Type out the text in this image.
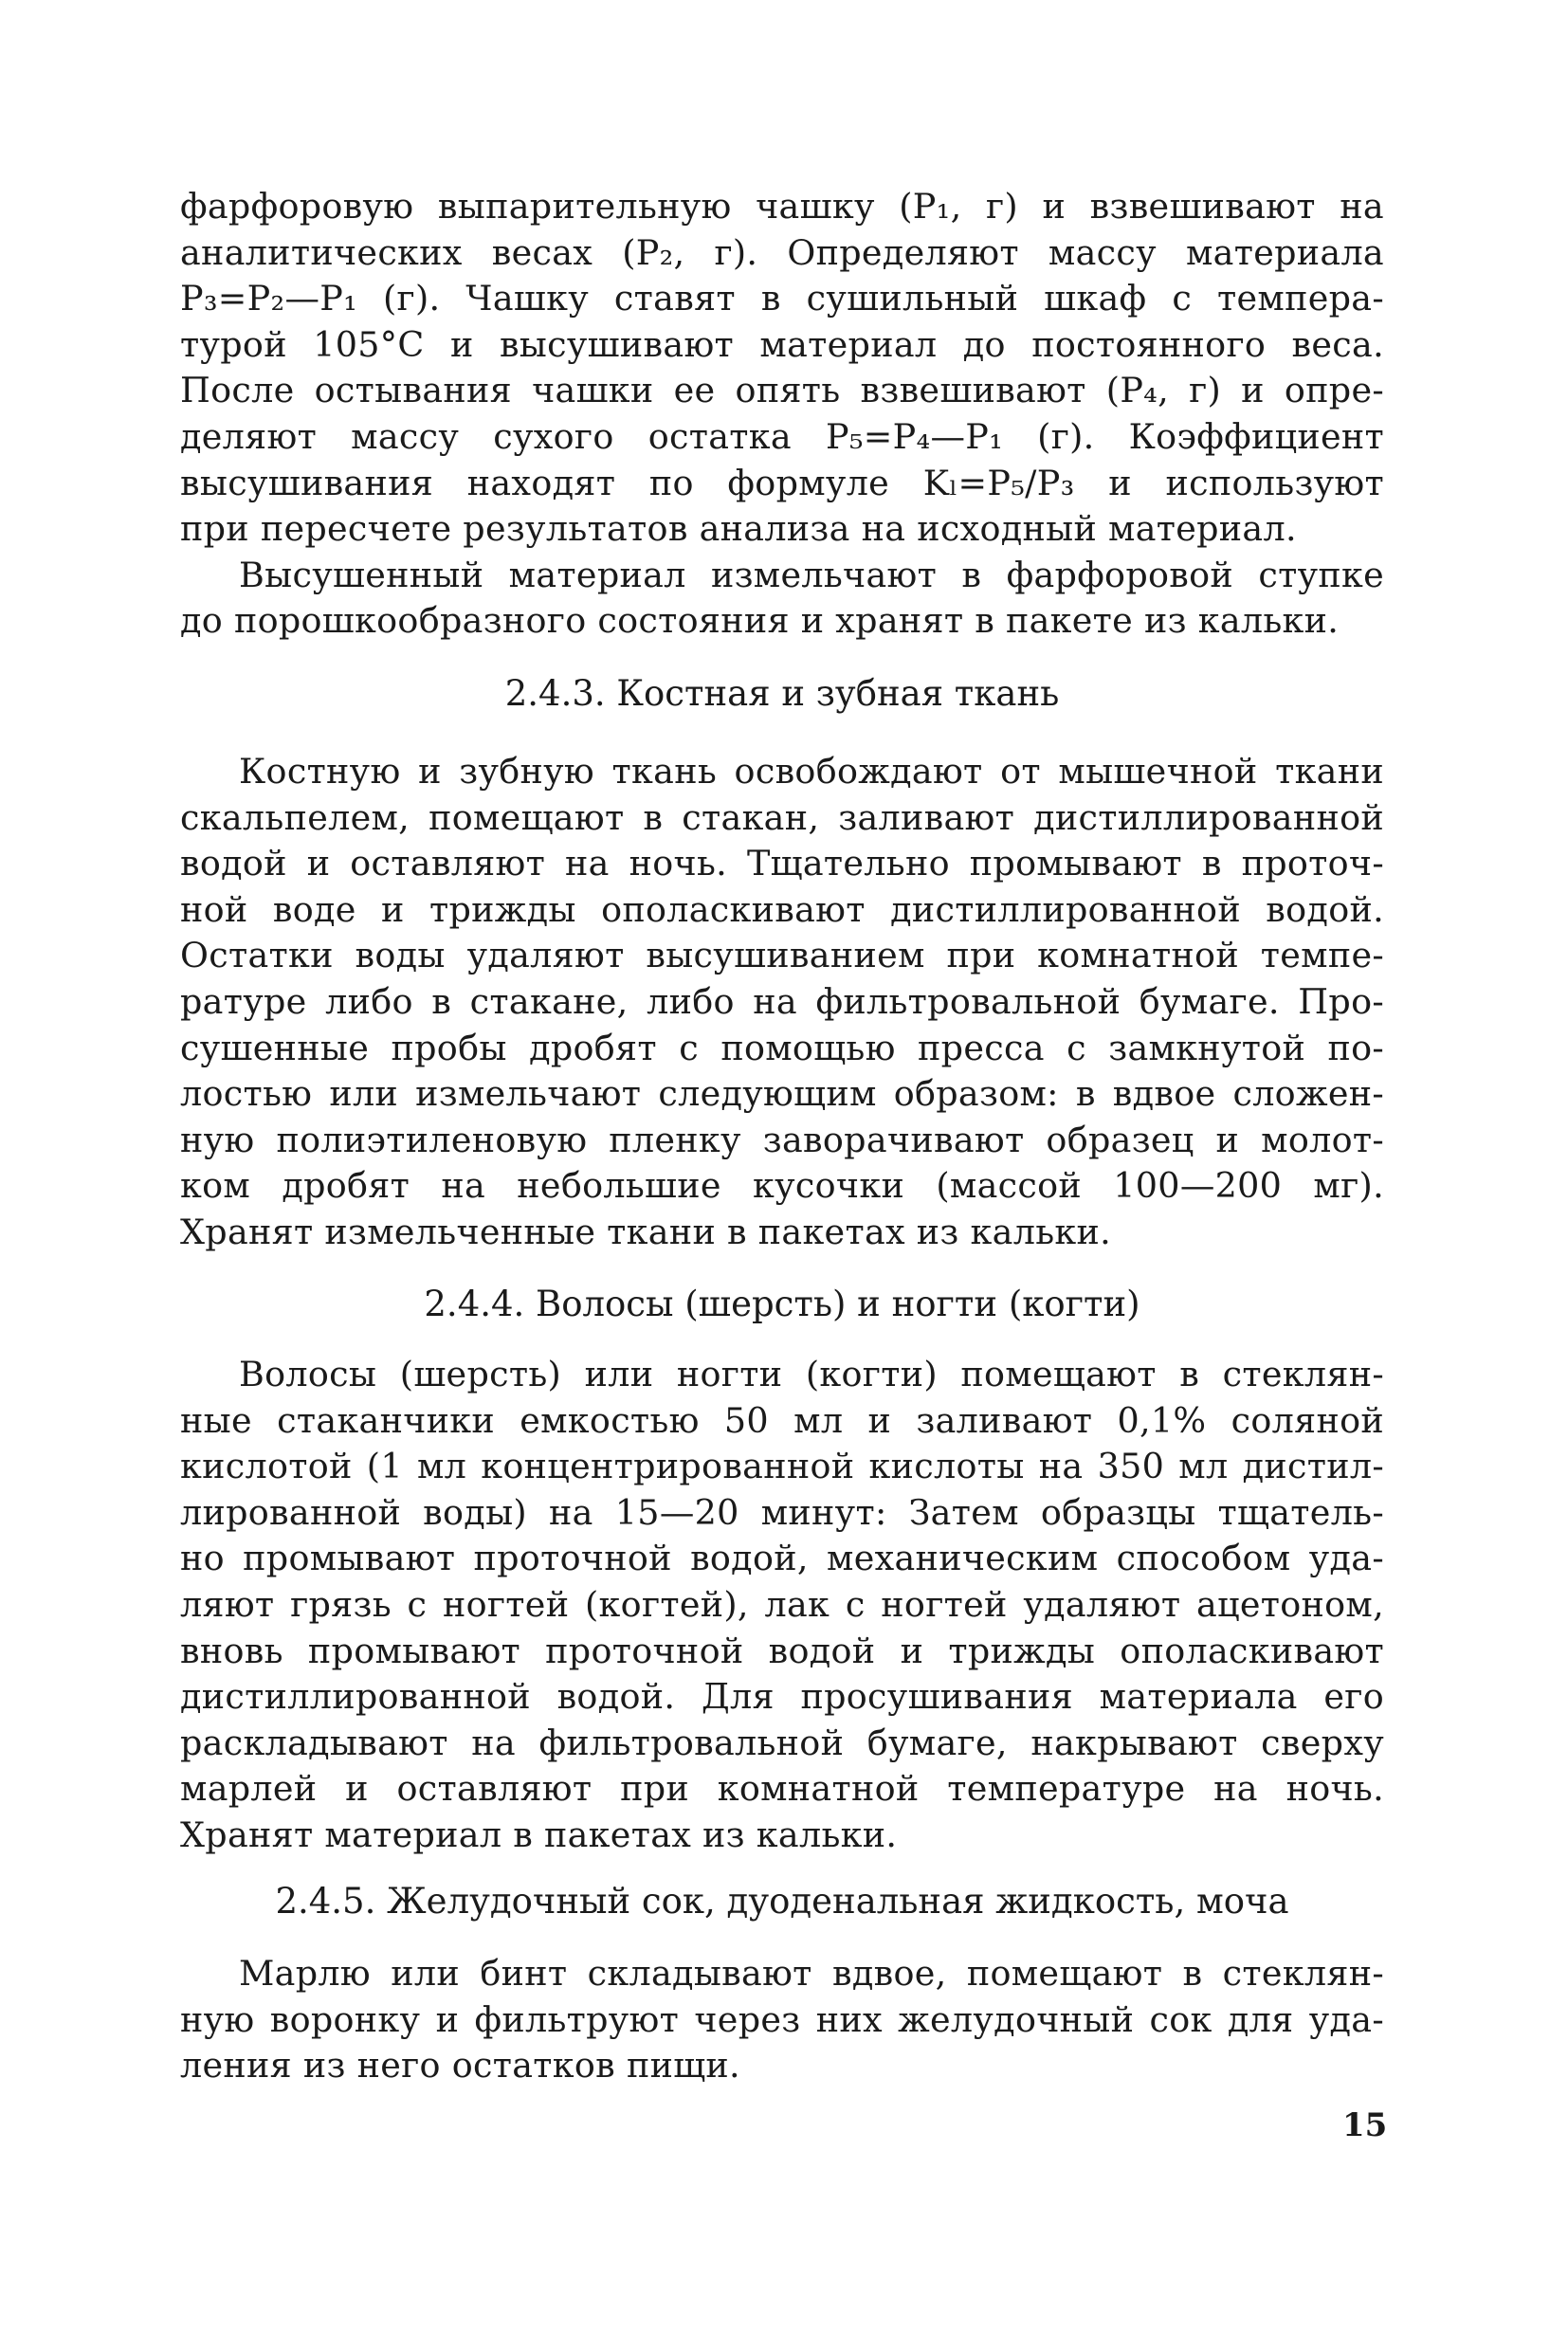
фарфоровую выпарительную чашку (P₁, г) и взвешивают на
аналитических весах (P₂, г). Определяют массу материала
P₃=P₂—P₁ (г). Чашку ставят в сушильный шкаф с темпера-
турой 105°C и высушивают материал до постоянного веса.
После остывания чашки ее опять взвешивают (P₄, г) и опре-
деляют массу сухого остатка P₅=P₄—P₁ (г). Коэффициент
высушивания находят по формуле Kₗ=P₅/P₃ и используют
при пересчете результатов анализа на исходный материал.
Высушенный материал измельчают в фарфоровой ступке
до порошкообразного состояния и хранят в пакете из кальки.
2.4.3. Костная и зубная ткань
Костную и зубную ткань освобождают от мышечной ткани
скальпелем, помещают в стакан, заливают дистиллированной
водой и оставляют на ночь. Тщательно промывают в проточ-
ной воде и трижды ополаскивают дистиллированной водой.
Остатки воды удаляют высушиванием при комнатной темпе-
ратуре либо в стакане, либо на фильтровальной бумаге. Про-
сушенные пробы дробят с помощью пресса с замкнутой по-
лостью или измельчают следующим образом: в вдвое сложен-
ную полиэтиленовую пленку заворачивают образец и молот-
ком дробят на небольшие кусочки (массой 100—200 мг).
Хранят измельченные ткани в пакетах из кальки.
2.4.4. Волосы (шерсть) и ногти (когти)
Волосы (шерсть) или ногти (когти) помещают в стеклян-
ные стаканчики емкостью 50 мл и заливают 0,1% соляной
кислотой (1 мл концентрированной кислоты на 350 мл дистил-
лированной воды) на 15—20 минут: Затем образцы тщатель-
но промывают проточной водой, механическим способом уда-
ляют грязь с ногтей (когтей), лак с ногтей удаляют ацетоном,
вновь промывают проточной водой и трижды ополаскивают
дистиллированной водой. Для просушивания материала его
раскладывают на фильтровальной бумаге, накрывают сверху
марлей и оставляют при комнатной температуре на ночь.
Хранят материал в пакетах из кальки.
2.4.5. Желудочный сок, дуоденальная жидкость, моча
Марлю или бинт складывают вдвое, помещают в стеклян-
ную воронку и фильтруют через них желудочный сок для уда-
ления из него остатков пищи.
15
